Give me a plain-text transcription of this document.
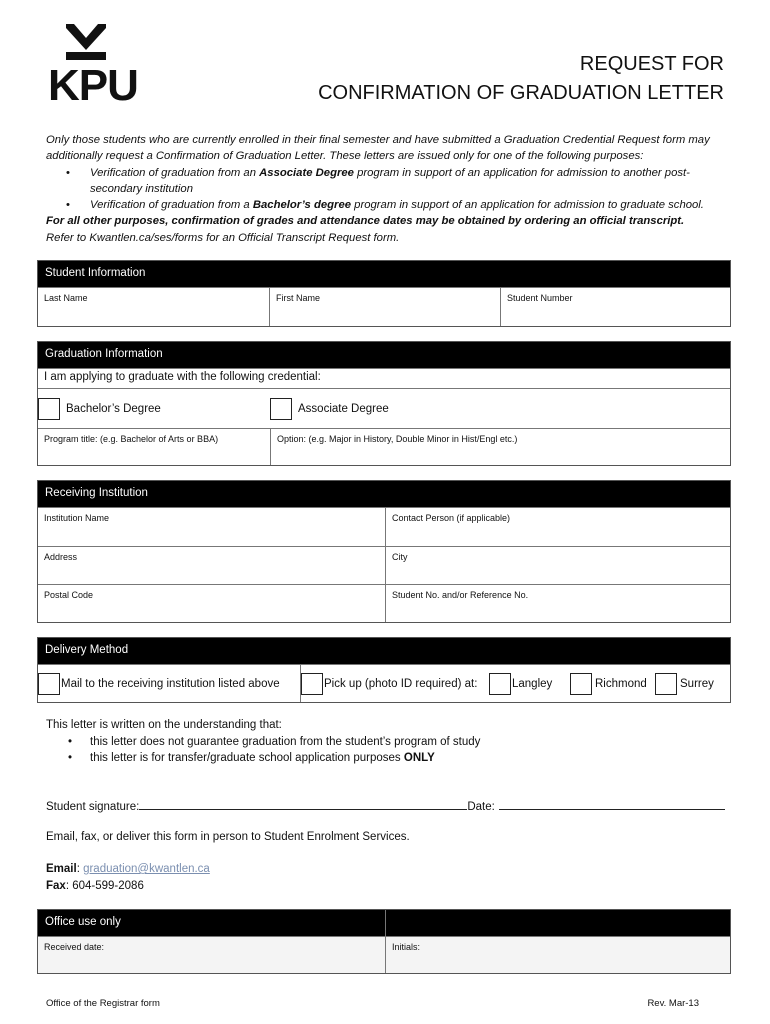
KPU	REQUEST FOR
CONFIRMATION OF GRADUATION LETTER
Only those students who are currently enrolled in their final semester and have submitted a Graduation Credential Request form may additionally request a Confirmation of Graduation Letter. These letters are issued only for one of the following purposes:
• Verification of graduation from an Associate Degree program in support of an application for admission to another post-secondary institution
• Verification of graduation from a Bachelor’s degree program in support of an application for admission to graduate school.
For all other purposes, confirmation of grades and attendance dates may be obtained by ordering an official transcript.
Refer to Kwantlen.ca/ses/forms for an Official Transcript Request form.
Student Information
Last Name	First Name	Student Number
Graduation Information
I am applying to graduate with the following credential:
Bachelor’s Degree	Associate Degree
Program title: (e.g. Bachelor of Arts or BBA)	Option: (e.g. Major in History, Double Minor in Hist/Engl etc.)
Receiving Institution
Institution Name	Contact Person (if applicable)
Address	City
Postal Code	Student No. and/or Reference No.
Delivery Method
Mail to the receiving institution listed above	Pick up (photo ID required) at:	Langley	Richmond	Surrey
This letter is written on the understanding that:
• this letter does not guarantee graduation from the student’s program of study
• this letter is for transfer/graduate school application purposes ONLY
Student signature:	Date:
Email, fax, or deliver this form in person to Student Enrolment Services.
Email: graduation@kwantlen.ca
Fax: 604-599-2086
Office use only
Received date:	Initials:
Office of the Registrar form	Rev. Mar-13
